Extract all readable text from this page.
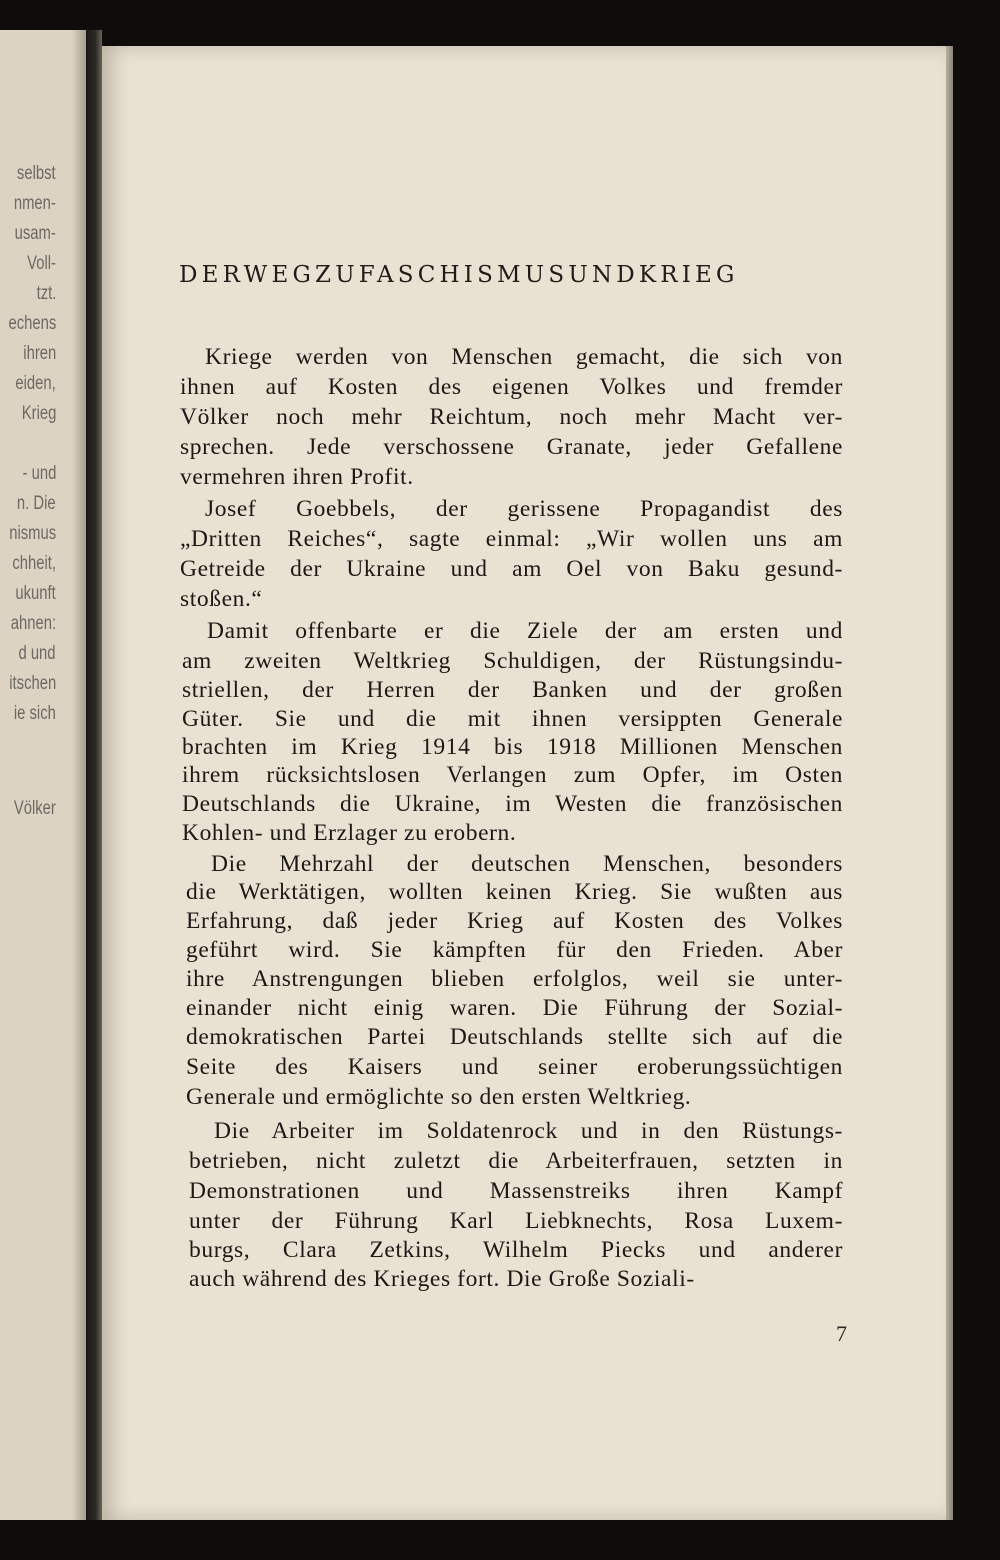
selbst
nmen-
usam-
Voll-
tzt.
echens
ihren
eiden,
Krieg
- und
n. Die
nismus
chheit,
ukunft
ahnen:
d und
itschen
ie sich
Völker
DERWEGZUFASCHISMUSUNDKRIEG
Kriege werden von Menschen gemacht, die sich von
ihnen auf Kosten des eigenen Volkes und fremder
Völker noch mehr Reichtum, noch mehr Macht ver-
sprechen. Jede verschossene Granate, jeder Gefallene
vermehren ihren Profit.
Josef Goebbels, der gerissene Propagandist des
„Dritten Reiches“, sagte einmal: „Wir wollen uns am
Getreide der Ukraine und am Oel von Baku gesund-
stoßen.“
Damit offenbarte er die Ziele der am ersten und
am zweiten Weltkrieg Schuldigen, der Rüstungsindu-
striellen, der Herren der Banken und der großen
Güter. Sie und die mit ihnen versippten Generale
brachten im Krieg 1914 bis 1918 Millionen Menschen
ihrem rücksichtslosen Verlangen zum Opfer, im Osten
Deutschlands die Ukraine, im Westen die französischen
Kohlen- und Erzlager zu erobern.
Die Mehrzahl der deutschen Menschen, besonders
die Werktätigen, wollten keinen Krieg. Sie wußten aus
Erfahrung, daß jeder Krieg auf Kosten des Volkes
geführt wird. Sie kämpften für den Frieden. Aber
ihre Anstrengungen blieben erfolglos, weil sie unter-
einander nicht einig waren. Die Führung der Sozial-
demokratischen Partei Deutschlands stellte sich auf die
Seite des Kaisers und seiner eroberungssüchtigen
Generale und ermöglichte so den ersten Weltkrieg.
Die Arbeiter im Soldatenrock und in den Rüstungs-
betrieben, nicht zuletzt die Arbeiterfrauen, setzten in
Demonstrationen und Massenstreiks ihren Kampf
unter der Führung Karl Liebknechts, Rosa Luxem-
burgs, Clara Zetkins, Wilhelm Piecks und anderer
auch während des Krieges fort. Die Große Soziali-
7
